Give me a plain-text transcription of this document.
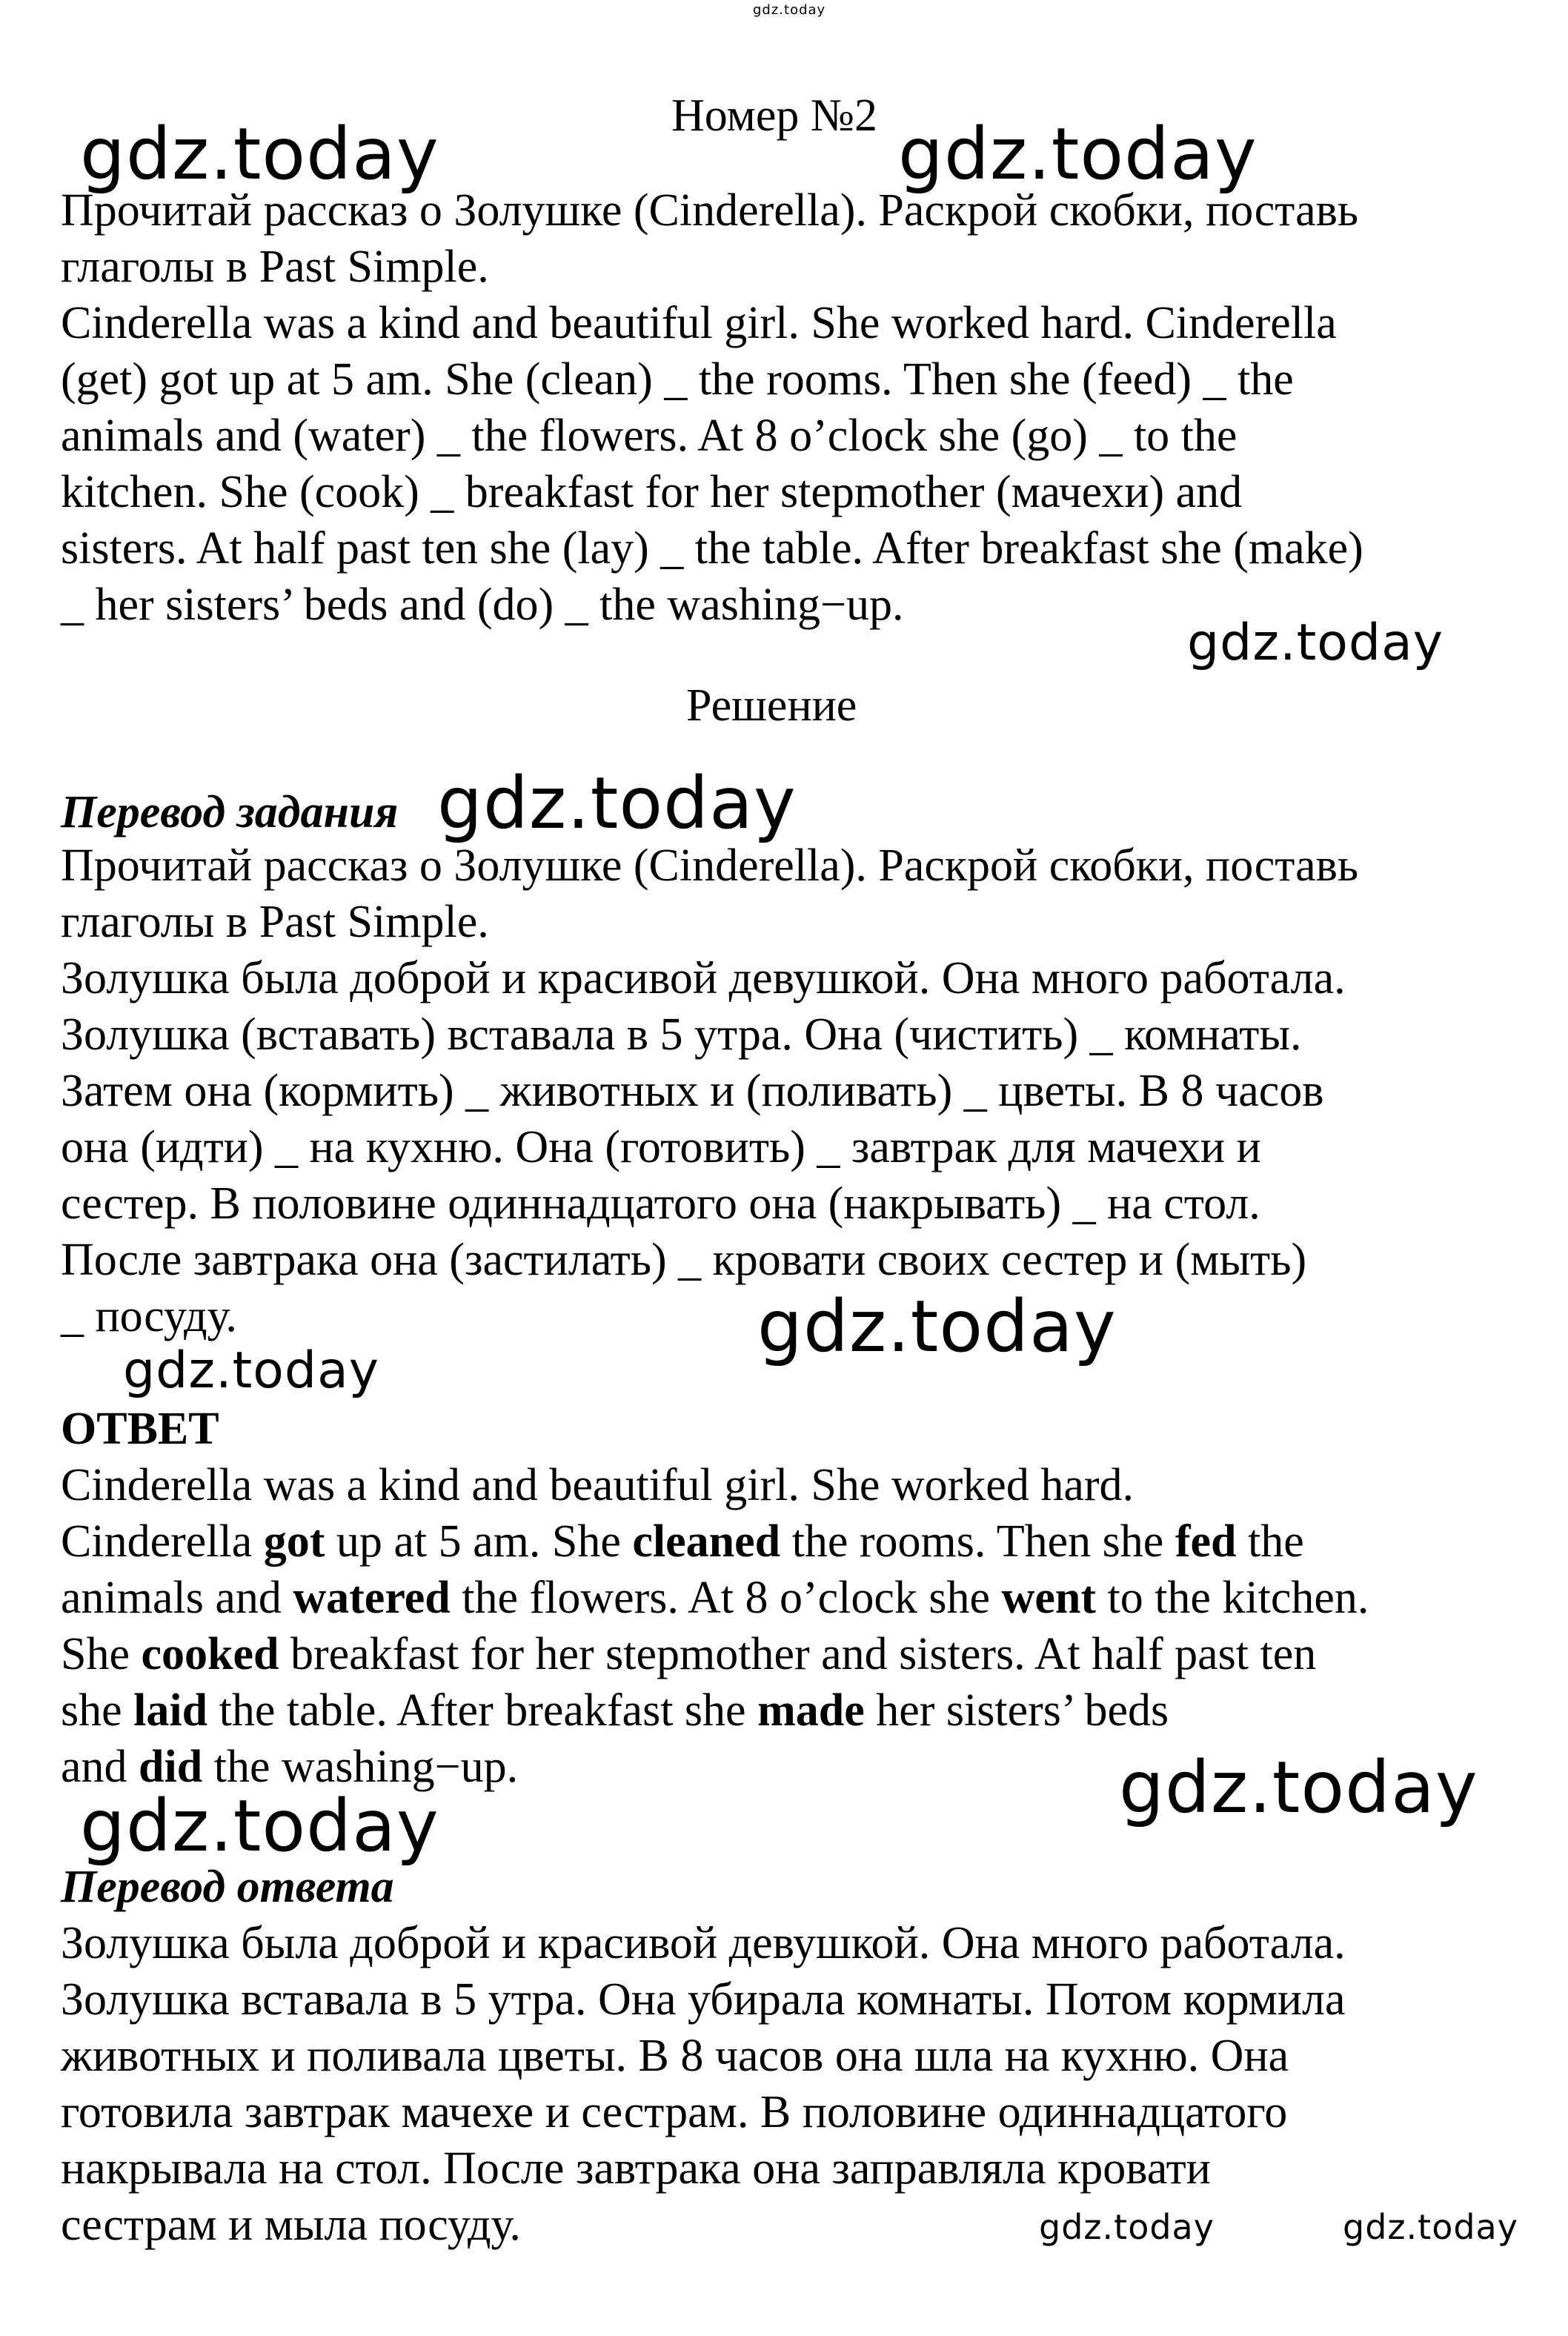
gdz.today
Номер №2
gdz.today	gdz.today
Прочитай рассказ о Золушке (Cinderella). Раскрой скобки, поставь
глаголы в Past Simple.
Cinderella was a kind and beautiful girl. She worked hard. Cinderella
(get) got up at 5 am. She (clean) _ the rooms. Then she (feed) _ the
animals and (water) _ the flowers. At 8 o’clock she (go) _ to the
kitchen. She (cook) _ breakfast for her stepmother (мачехи) and
sisters. At half past ten she (lay) _ the table. After breakfast she (make)
_ her sisters’ beds and (do) _ the washing−up.
gdz.today
Решение
Перевод задания gdz.today
Прочитай рассказ о Золушке (Cinderella). Раскрой скобки, поставь
глаголы в Past Simple.
Золушка была доброй и красивой девушкой. Она много работала.
Золушка (вставать) вставала в 5 утра. Она (чистить) _ комнаты.
Затем она (кормить) _ животных и (поливать) _ цветы. В 8 часов
она (идти) _ на кухню. Она (готовить) _ завтрак для мачехи и
сестер. В половине одиннадцатого она (накрывать) _ на стол.
После завтрака она (застилать) _ кровати своих сестер и (мыть)
_ посуду.	gdz.today
gdz.today
ОТВЕТ
Cinderella was a kind and beautiful girl. She worked hard.
Cinderella got up at 5 am. She cleaned the rooms. Then she fed the
animals and watered the flowers. At 8 o’clock she went to the kitchen.
She cooked breakfast for her stepmother and sisters. At half past ten
she laid the table. After breakfast she made her sisters’ beds
and did the washing−up.	gdz.today
gdz.today
Перевод ответа
Золушка была доброй и красивой девушкой. Она много работала.
Золушка вставала в 5 утра. Она убирала комнаты. Потом кормила
животных и поливала цветы. В 8 часов она шла на кухню. Она
готовила завтрак мачехе и сестрам. В половине одиннадцатого
накрывала на стол. После завтрака она заправляла кровати
сестрам и мыла посуду.	gdz.today	gdz.today
